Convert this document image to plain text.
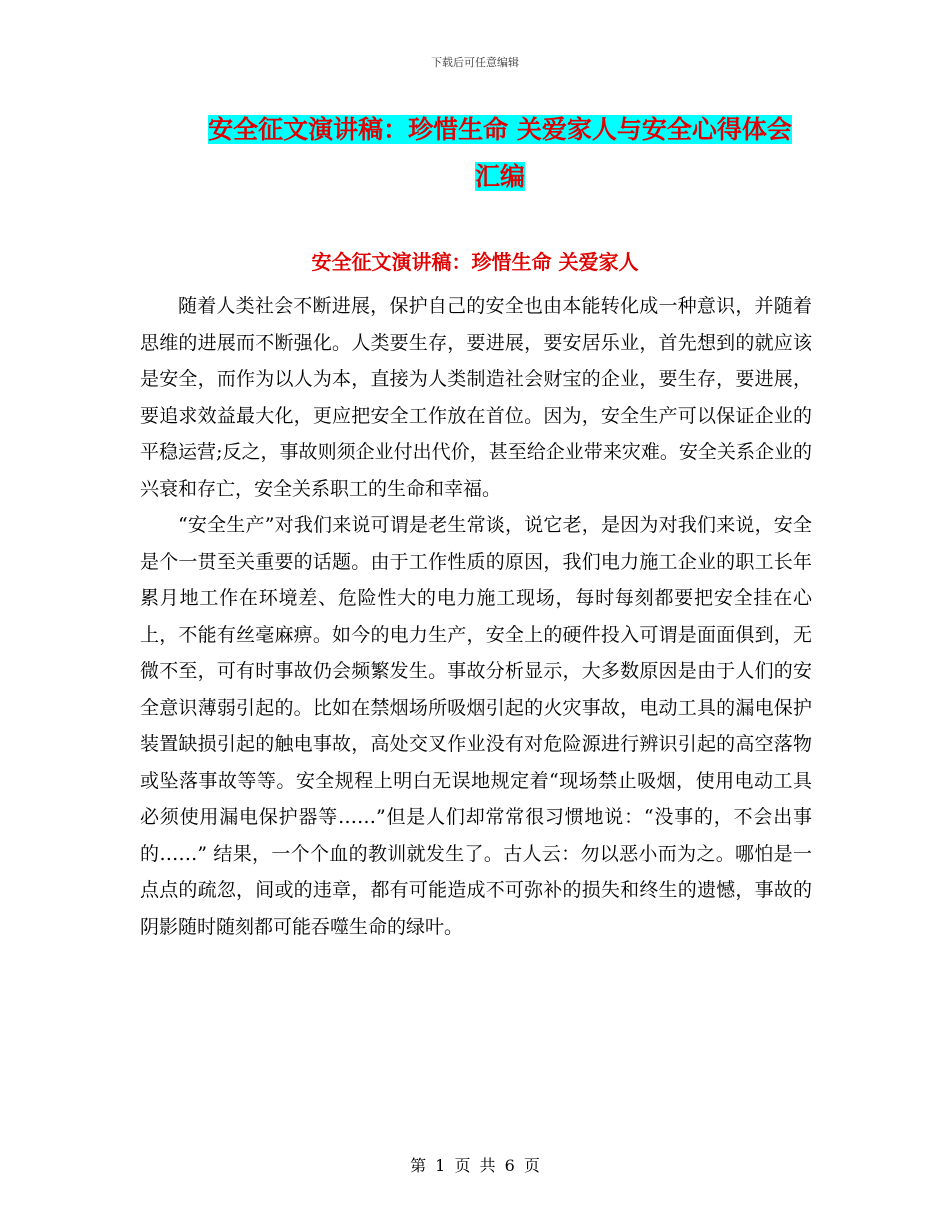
下载后可任意编辑
安全征文演讲稿：珍惜生命 关爱家人与安全心得体会
汇编
安全征文演讲稿：珍惜生命 关爱家人

随着人类社会不断进展，保护自己的安全也由本能转化成一种意识，并随着思维的进展而不断强化。人类要生存，要进展，要安居乐业，首先想到的就应该是安全，而作为以人为本，直接为人类制造社会财宝的企业，要生存，要进展，要追求效益最大化，更应把安全工作放在首位。因为，安全生产可以保证企业的平稳运营;反之，事故则须企业付出代价，甚至给企业带来灾难。安全关系企业的兴衰和存亡，安全关系职工的生命和幸福。

“安全生产”对我们来说可谓是老生常谈，说它老，是因为对我们来说，安全是个一贯至关重要的话题。由于工作性质的原因，我们电力施工企业的职工长年累月地工作在环境差、危险性大的电力施工现场，每时每刻都要把安全挂在心上，不能有丝毫麻痹。如今的电力生产，安全上的硬件投入可谓是面面俱到，无微不至，可有时事故仍会频繁发生。事故分析显示，大多数原因是由于人们的安全意识薄弱引起的。比如在禁烟场所吸烟引起的火灾事故，电动工具的漏电保护装置缺损引起的触电事故，高处交叉作业没有对危险源进行辨识引起的高空落物或坠落事故等等。安全规程上明白无误地规定着“现场禁止吸烟，使用电动工具必须使用漏电保护器等……”但是人们却常常很习惯地说：“没事的，不会出事的……” 结果，一个个血的教训就发生了。古人云：勿以恶小而为之。哪怕是一点点的疏忽，间或的违章，都有可能造成不可弥补的损失和终生的遗憾，事故的阴影随时随刻都可能吞噬生命的绿叶。

第 1 页 共 6 页
